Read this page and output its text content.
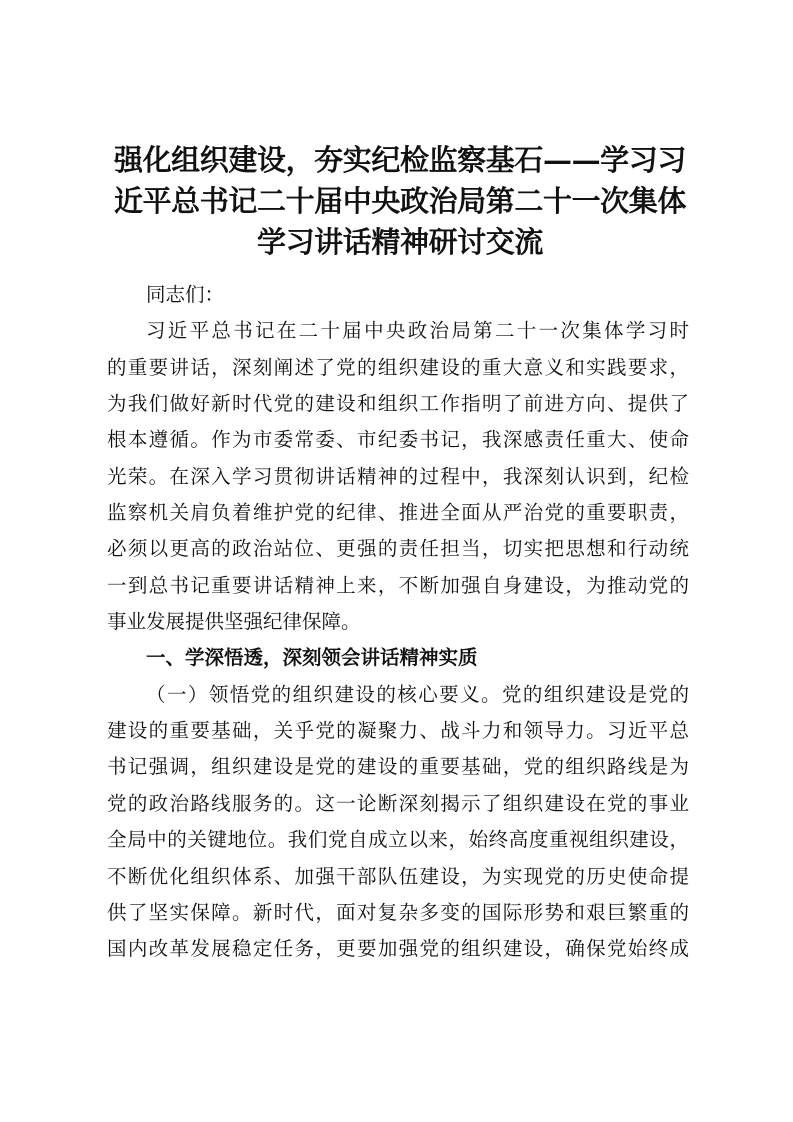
强化组织建设，夯实纪检监察基石——学习习
近平总书记二十届中央政治局第二十一次集体
学习讲话精神研讨交流
同志们：
习近平总书记在二十届中央政治局第二十一次集体学习时
的重要讲话，深刻阐述了党的组织建设的重大意义和实践要求，
为我们做好新时代党的建设和组织工作指明了前进方向、提供了
根本遵循。作为市委常委、市纪委书记，我深感责任重大、使命
光荣。在深入学习贯彻讲话精神的过程中，我深刻认识到，纪检
监察机关肩负着维护党的纪律、推进全面从严治党的重要职责，
必须以更高的政治站位、更强的责任担当，切实把思想和行动统
一到总书记重要讲话精神上来，不断加强自身建设，为推动党的
事业发展提供坚强纪律保障。
一、学深悟透，深刻领会讲话精神实质
（一）领悟党的组织建设的核心要义。党的组织建设是党的
建设的重要基础，关乎党的凝聚力、战斗力和领导力。习近平总
书记强调，组织建设是党的建设的重要基础，党的组织路线是为
党的政治路线服务的。这一论断深刻揭示了组织建设在党的事业
全局中的关键地位。我们党自成立以来，始终高度重视组织建设，
不断优化组织体系、加强干部队伍建设，为实现党的历史使命提
供了坚实保障。新时代，面对复杂多变的国际形势和艰巨繁重的
国内改革发展稳定任务，更要加强党的组织建设，确保党始终成
